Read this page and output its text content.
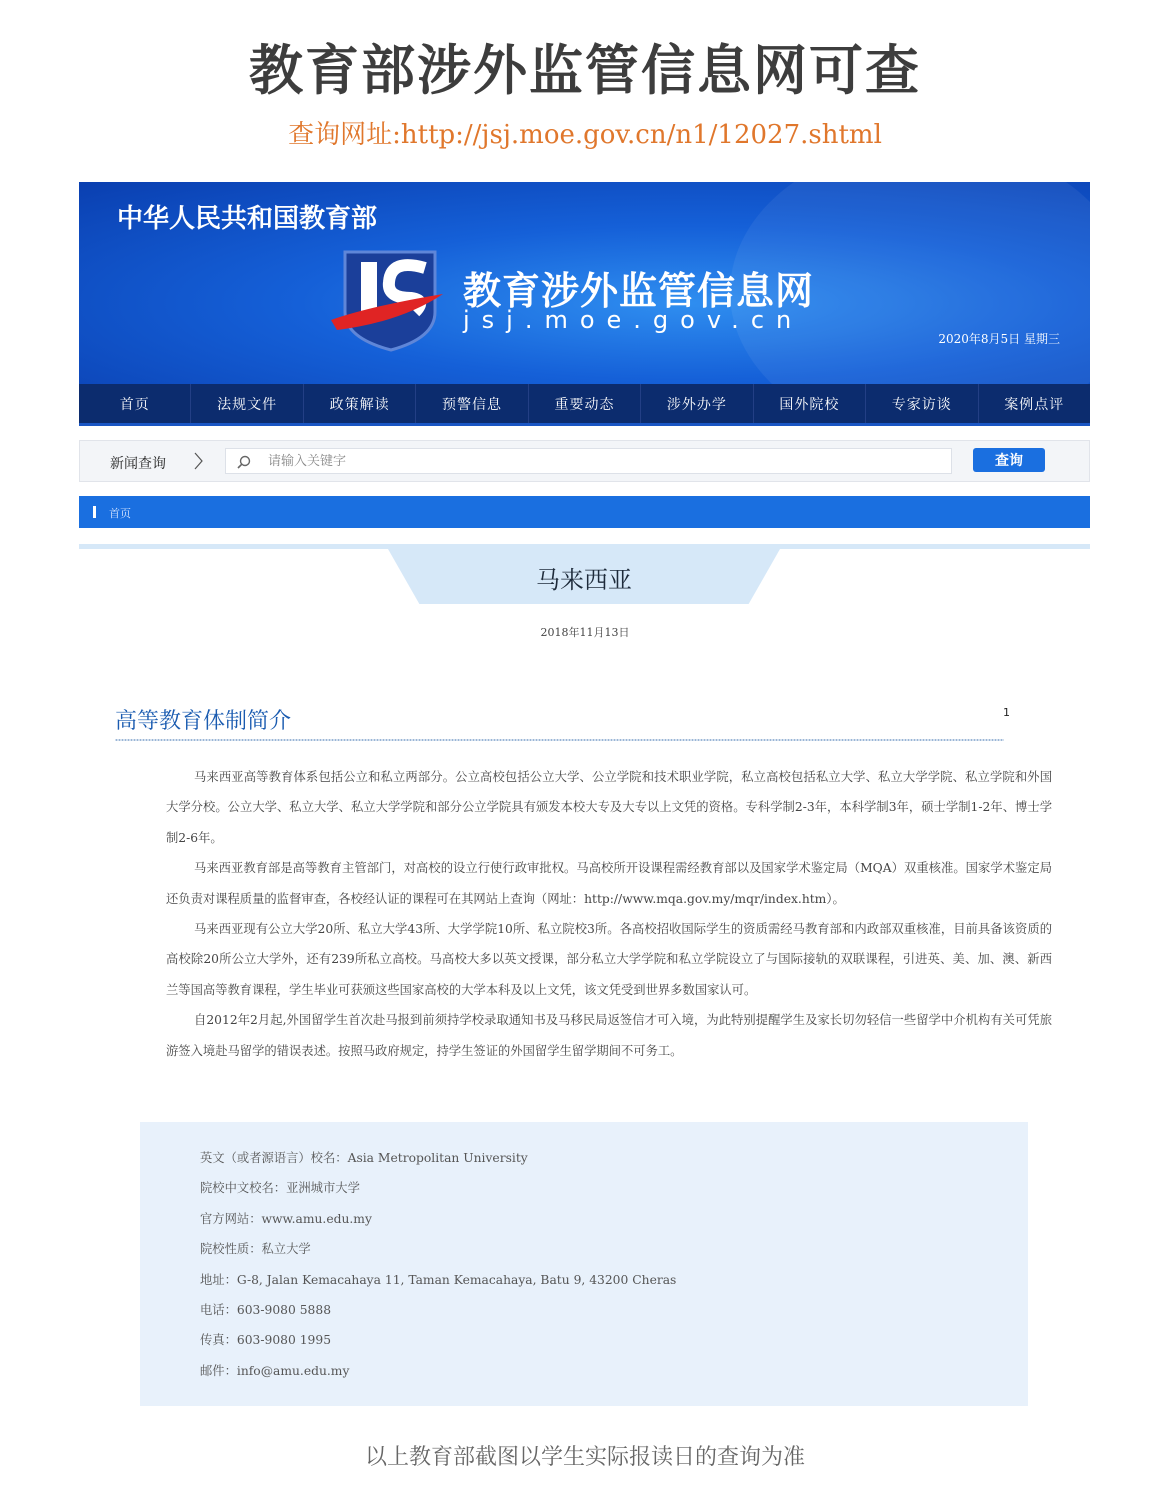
教育部涉外监管信息网可查
查询网址:http://jsj.moe.gov.cn/n1/12027.shtml
中华人民共和国教育部
教育涉外监管信息网
jsj.moe.gov.cn
2020年8月5日 星期三
首页	法规文件	政策解读	预警信息	重要动态	涉外办学	国外院校	专家访谈	案例点评
新闻查询
请输入关键字	查询
首页
马来西亚
2018年11月13日
高等教育体制简介	1

马来西亚高等教育体系包括公立和私立两部分。公立高校包括公立大学、公立学院和技术职业学院，私立高校包括私立大学、私立大学学院、私立学院和外国大学分校。公立大学、私立大学、私立大学学院和部分公立学院具有颁发本校大专及大专以上文凭的资格。专科学制2-3年，本科学制3年，硕士学制1-2年、博士学制2-6年。

马来西亚教育部是高等教育主管部门，对高校的设立行使行政审批权。马高校所开设课程需经教育部以及国家学术鉴定局（MQA）双重核准。国家学术鉴定局还负责对课程质量的监督审查，各校经认证的课程可在其网站上查询（网址：http://www.mqa.gov.my/mqr/index.htm）。

马来西亚现有公立大学20所、私立大学43所、大学学院10所、私立院校3所。各高校招收国际学生的资质需经马教育部和内政部双重核准，目前具备该资质的高校除20所公立大学外，还有239所私立高校。马高校大多以英文授课，部分私立大学学院和私立学院设立了与国际接轨的双联课程，引进英、美、加、澳、新西兰等国高等教育课程，学生毕业可获颁这些国家高校的大学本科及以上文凭，该文凭受到世界多数国家认可。

自2012年2月起,外国留学生首次赴马报到前须持学校录取通知书及马移民局返签信才可入境，为此特别提醒学生及家长切勿轻信一些留学中介机构有关可凭旅游签入境赴马留学的错误表述。按照马政府规定，持学生签证的外国留学生留学期间不可务工。

英文（或者源语言）校名：Asia Metropolitan University
院校中文校名：亚洲城市大学
官方网站：www.amu.edu.my
院校性质：私立大学
地址：G-8, Jalan Kemacahaya 11, Taman Kemacahaya, Batu 9, 43200 Cheras
电话：603-9080 5888
传真：603-9080 1995
邮件：info@amu.edu.my
以上教育部截图以学生实际报读日的查询为准
